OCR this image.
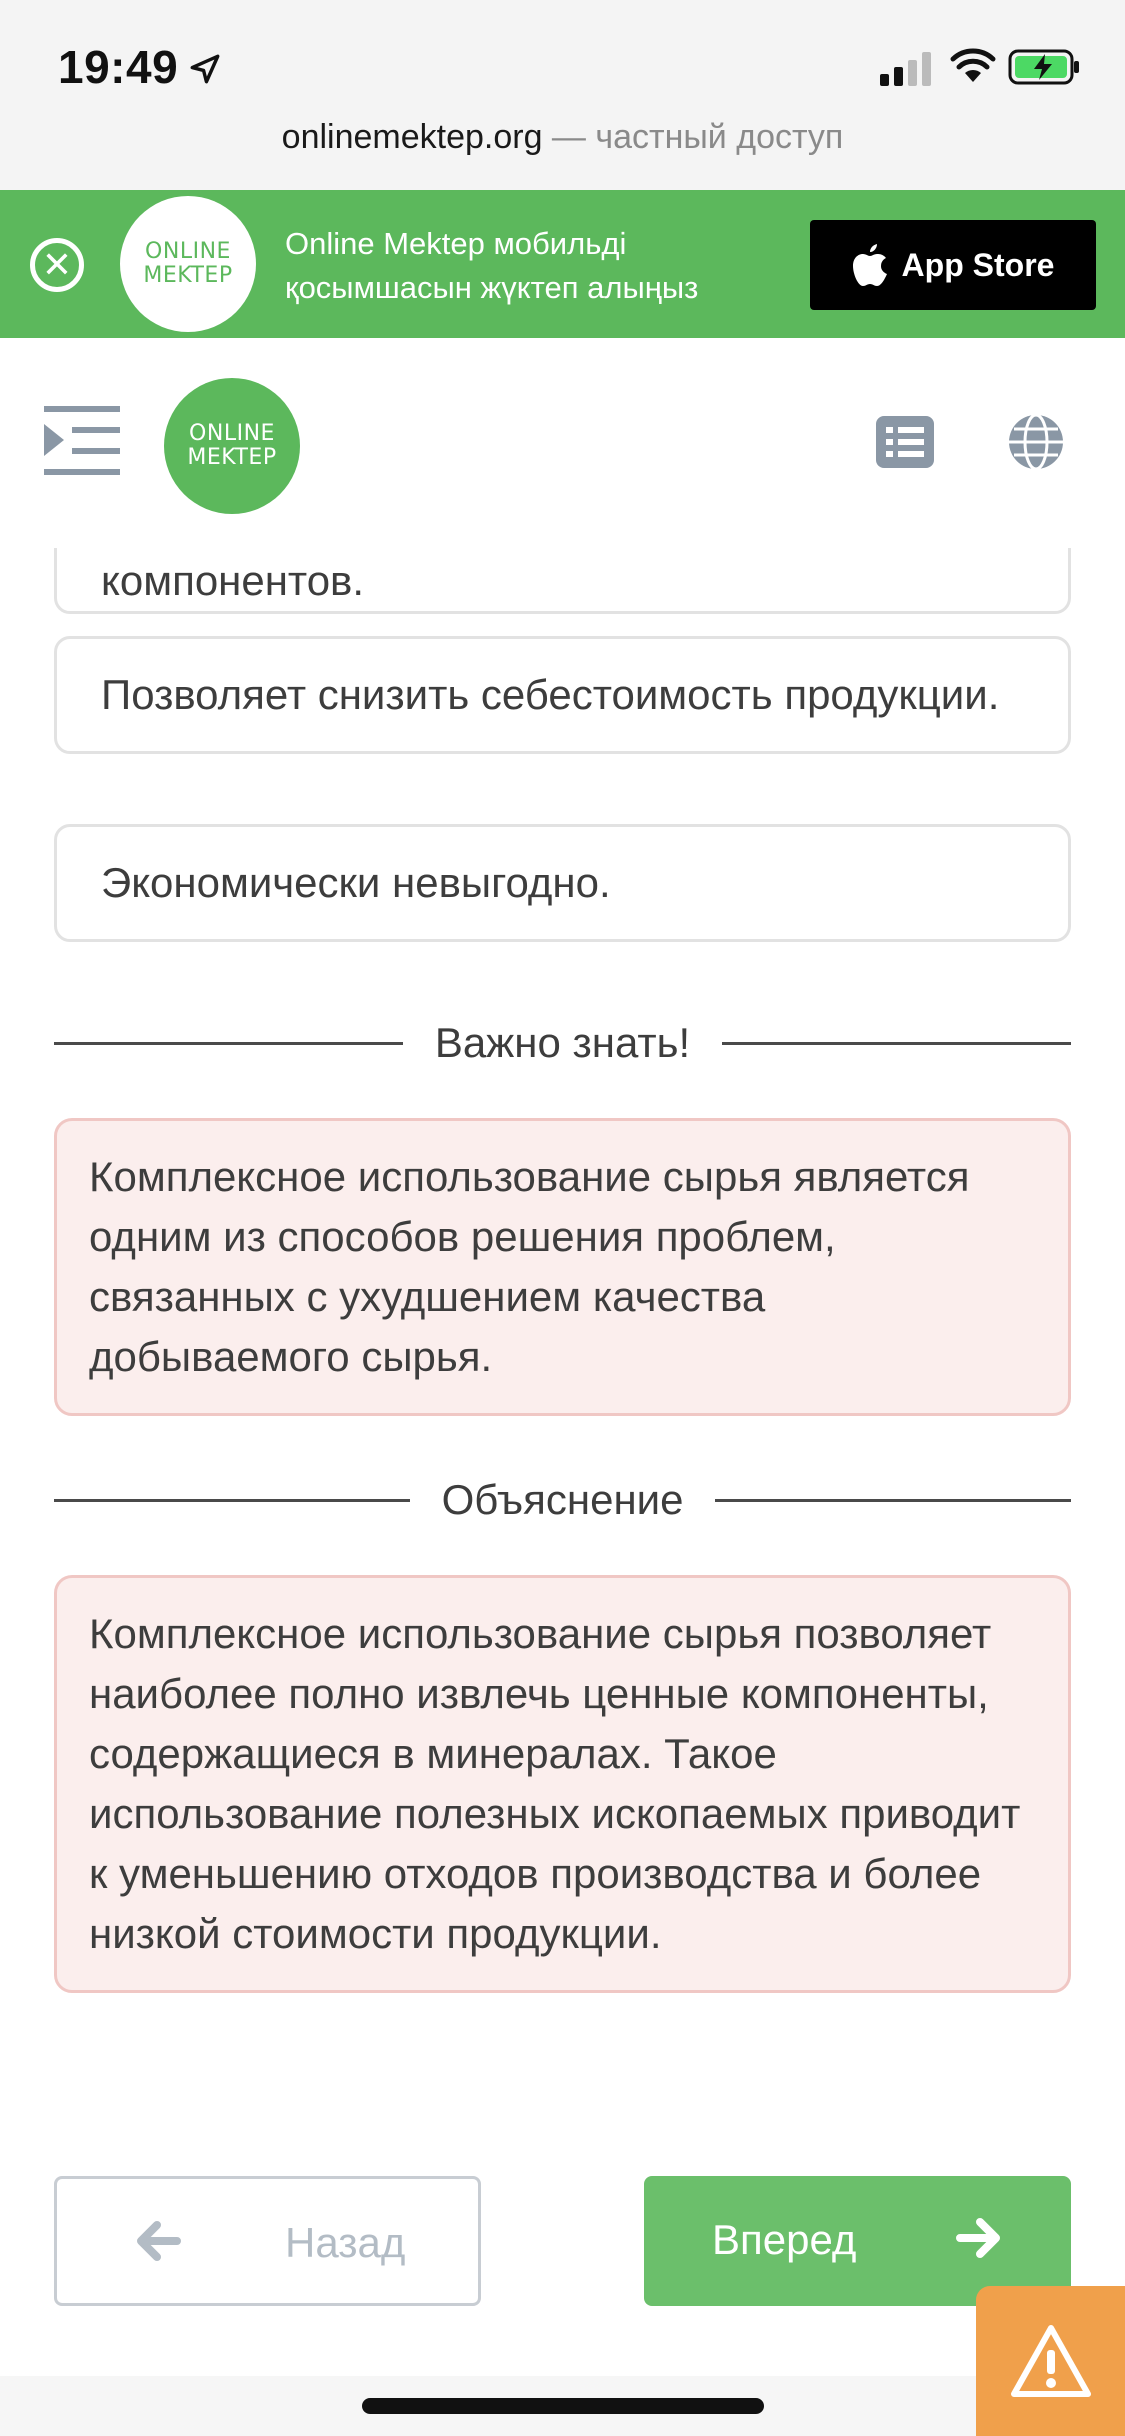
19:49
onlinemektep.org — частный доступ
✕	ONLINE
MEKTEP
Online Mektep мобильді
қосымшасын жүктеп алыңыз
App Store
ONLINE
MEKTEP
компонентов.
Позволяет снизить себестоимость продукции.
Экономически невыгодно.
Важно знать!
Комплексное использование сырья является одним из способов решения проблем, связанных с ухудшением качества добываемого сырья.
Объяснение
Комплексное использование сырья позволяет наиболее полно извлечь ценные компоненты, содержащиеся в минералах. Такое использование полезных ископаемых приводит к уменьшению отходов производства и более низкой стоимости продукции.
Назад	Вперед
